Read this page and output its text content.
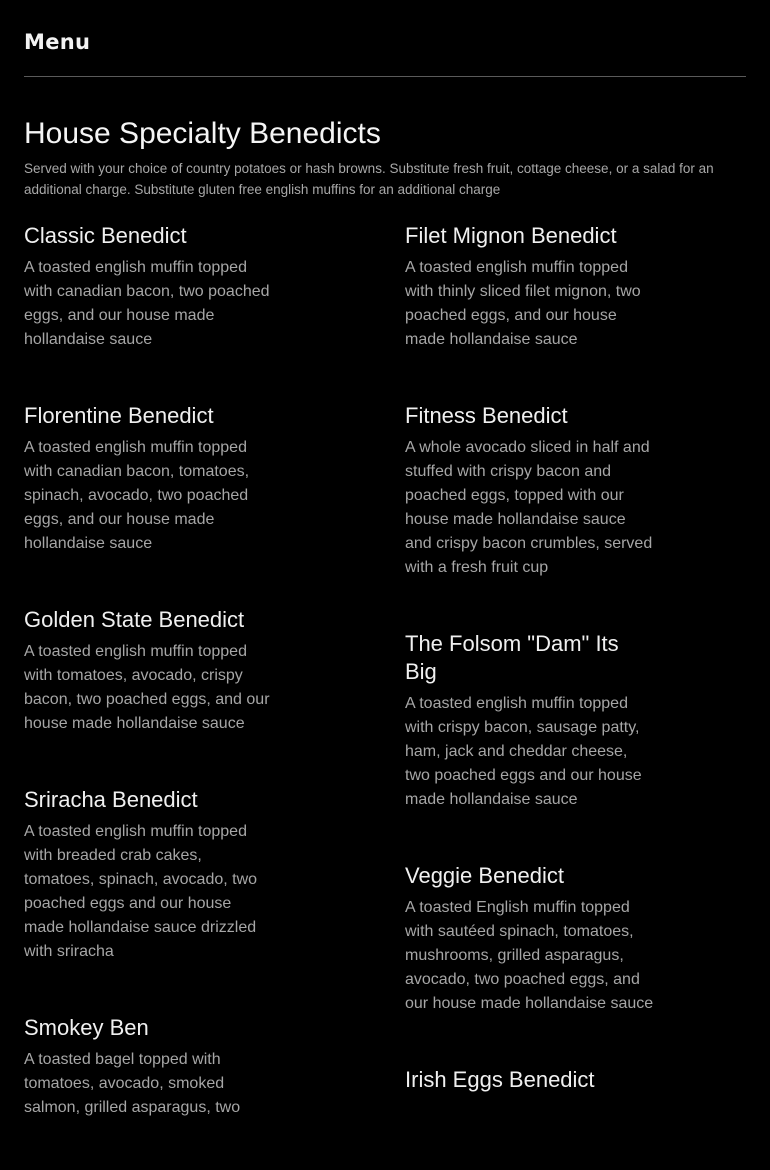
Menu
House Specialty Benedicts
Served with your choice of country potatoes or hash browns. Substitute fresh fruit, cottage cheese, or a salad for an additional charge. Substitute gluten free english muffins for an additional charge
Classic Benedict
A toasted english muffin topped with canadian bacon, two poached eggs, and our house made hollandaise sauce
Florentine Benedict
A toasted english muffin topped with canadian bacon, tomatoes, spinach, avocado, two poached eggs, and our house made hollandaise sauce
Golden State Benedict
A toasted english muffin topped with tomatoes, avocado, crispy bacon, two poached eggs, and our house made hollandaise sauce
Sriracha Benedict
A toasted english muffin topped with breaded crab cakes, tomatoes, spinach, avocado, two poached eggs and our house made hollandaise sauce drizzled with sriracha
Smokey Ben
A toasted bagel topped with tomatoes, avocado, smoked salmon, grilled asparagus, two
Filet Mignon Benedict
A toasted english muffin topped with thinly sliced filet mignon, two poached eggs, and our house made hollandaise sauce
Fitness Benedict
A whole avocado sliced in half and stuffed with crispy bacon and poached eggs, topped with our house made hollandaise sauce and crispy bacon crumbles, served with a fresh fruit cup
The Folsom "Dam" Its Big
A toasted english muffin topped with crispy bacon, sausage patty, ham, jack and cheddar cheese, two poached eggs and our house made hollandaise sauce
Veggie Benedict
A toasted English muffin topped with sautéed spinach, tomatoes, mushrooms, grilled asparagus, avocado, two poached eggs, and our house made hollandaise sauce
Irish Eggs Benedict
